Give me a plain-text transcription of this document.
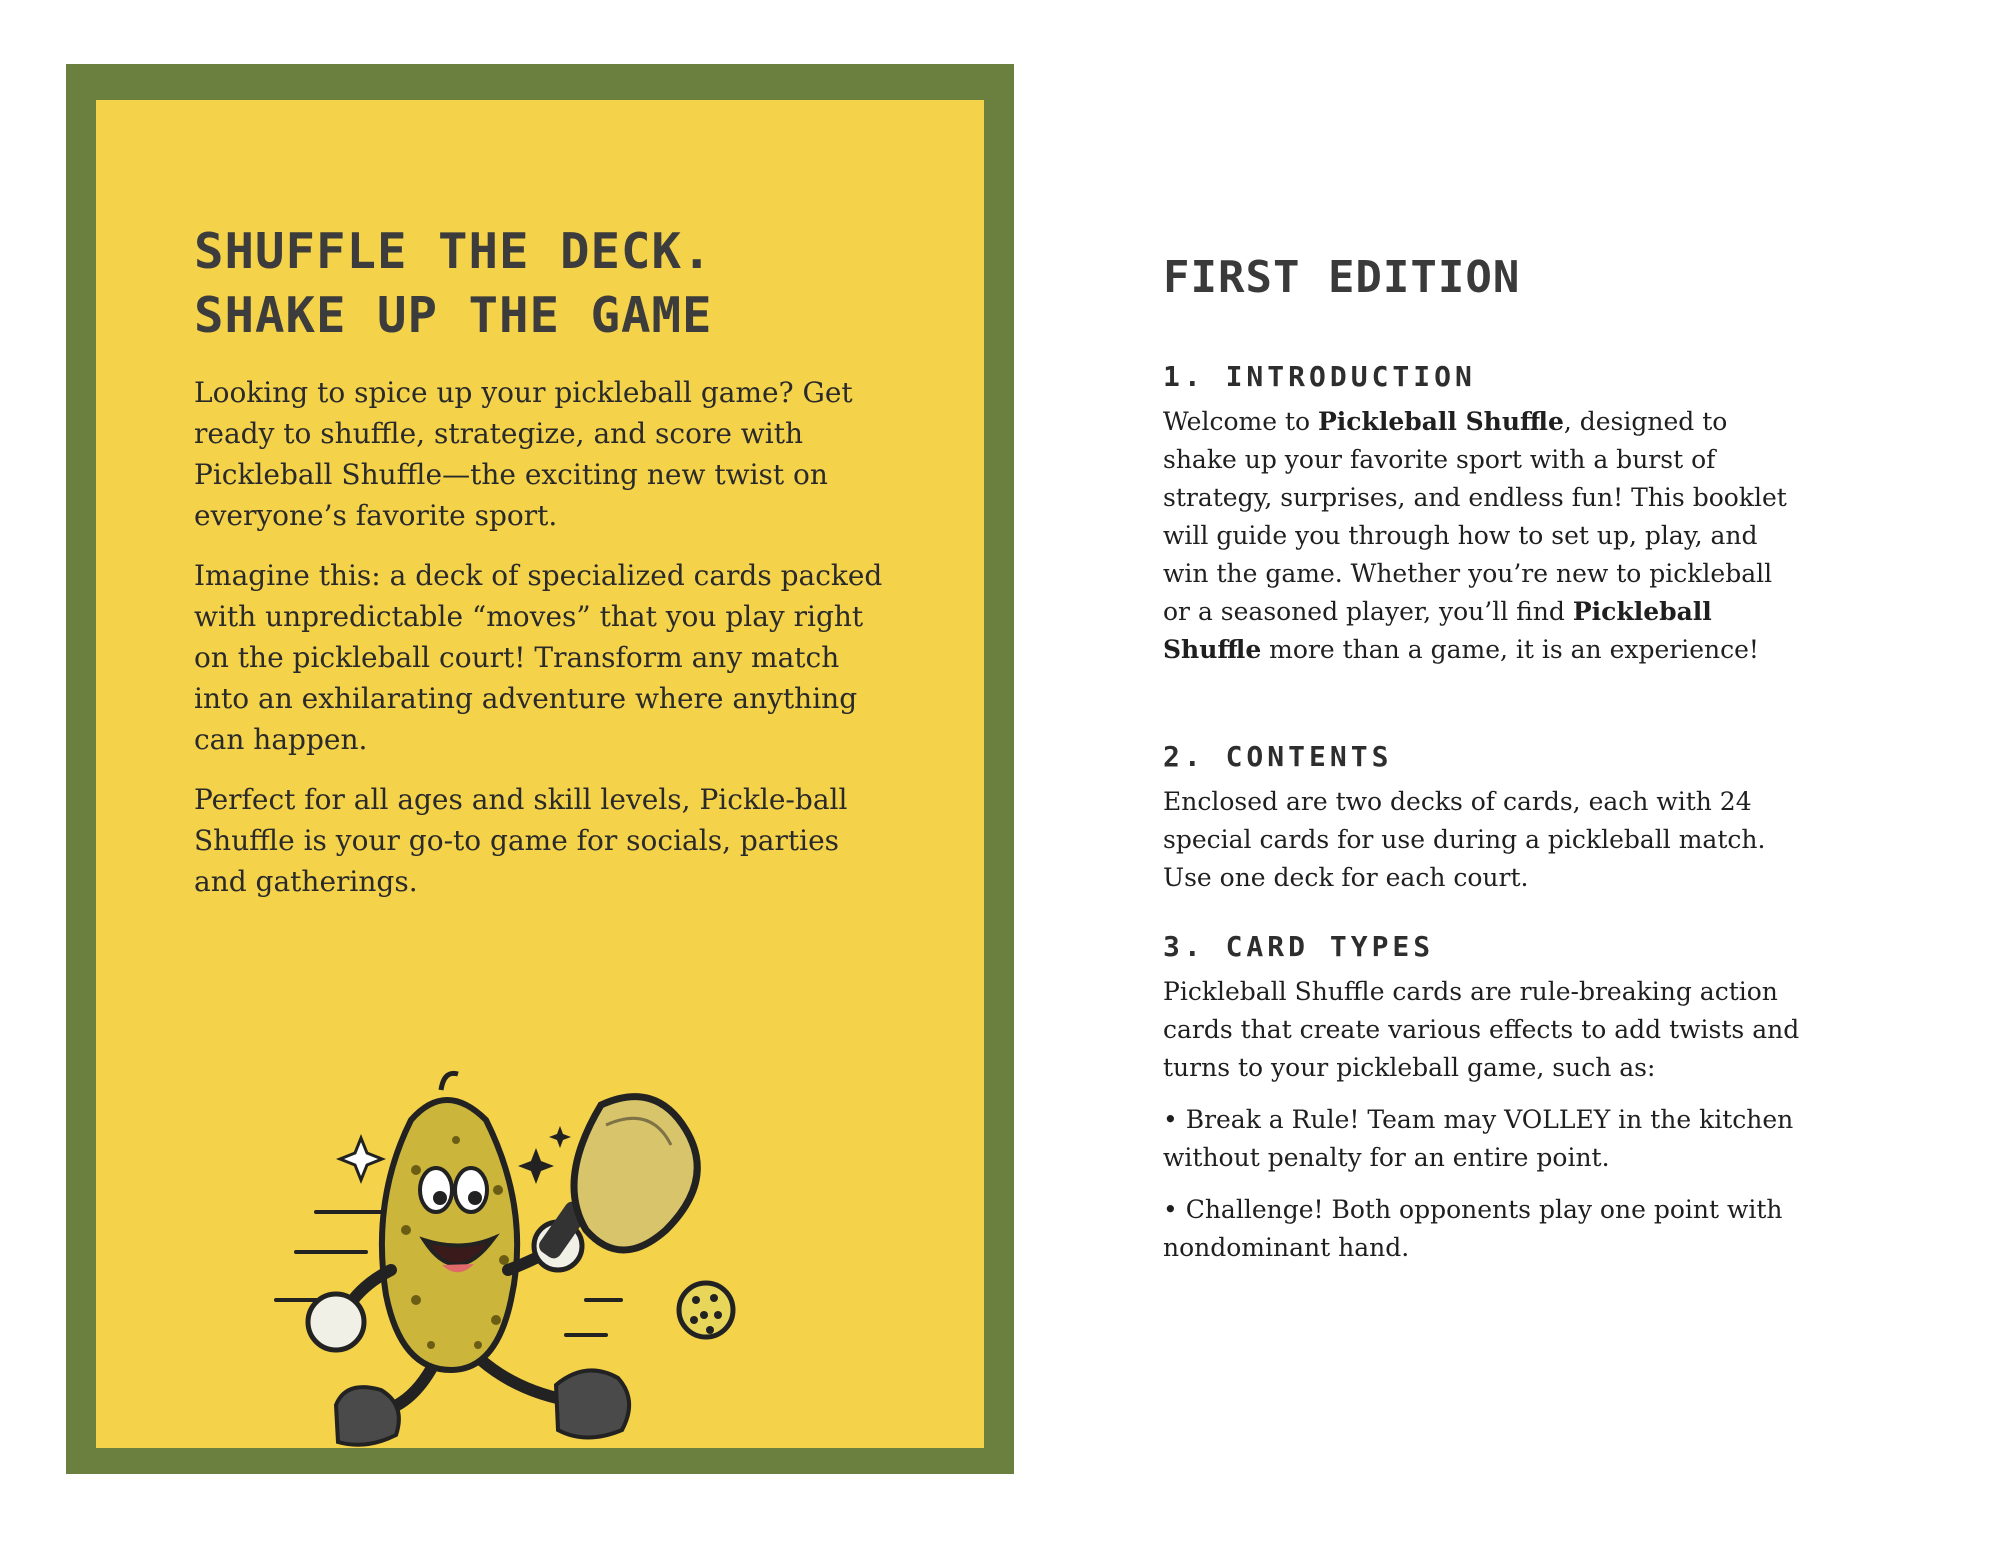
SHUFFLE THE DECK.
SHAKE UP THE GAME

Looking to spice up your pickleball game? Get ready to shuffle, strategize, and score with Pickleball Shuffle—the exciting new twist on everyone’s favorite sport.

Imagine this: a deck of specialized cards packed with unpredictable “moves” that you play right on the pickleball court! Transform any match into an exhilarating adventure where anything can happen.

Perfect for all ages and skill levels, Pickle-ball Shuffle is your go-to game for socials, parties and gatherings.

FIRST EDITION
1. INTRODUCTION

Welcome to Pickleball Shuffle, designed to shake up your favorite sport with a burst of strategy, surprises, and endless fun! This booklet will guide you through how to set up, play, and win the game. Whether you’re new to pickleball or a seasoned player, you’ll find Pickleball Shuffle more than a game, it is an experience!

2. CONTENTS

Enclosed are two decks of cards, each with 24 special cards for use during a pickleball match. Use one deck for each court.

3. CARD TYPES

Pickleball Shuffle cards are rule-breaking action cards that create various effects to add twists and turns to your pickleball game, such as:

• Break a Rule! Team may VOLLEY in the kitchen without penalty for an entire point.

• Challenge! Both opponents play one point with nondominant hand.
